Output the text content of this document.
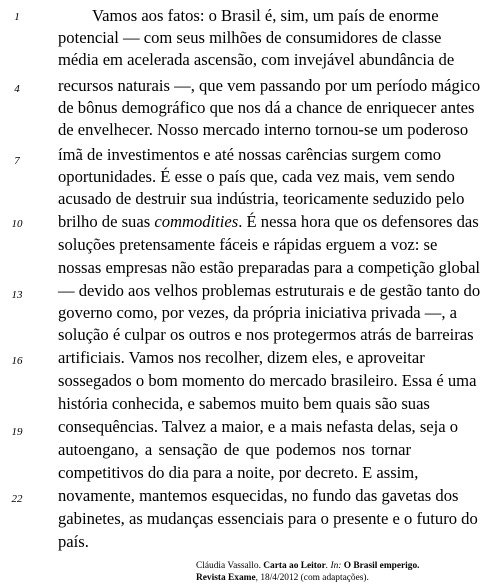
1
4
7
10
13
16
19
22
Vamos aos fatos: o Brasil é, sim, um país de enorme
potencial — com seus milhões de consumidores de classe
média em acelerada ascensão, com invejável abundância de
recursos naturais —, que vem passando por um período mágico
de bônus demográfico que nos dá a chance de enriquecer antes
de envelhecer. Nosso mercado interno tornou-se um poderoso
ímã de investimentos e até nossas carências surgem como
oportunidades. É esse o país que, cada vez mais, vem sendo
acusado de destruir sua indústria, teoricamente seduzido pelo
brilho de suas commodities. É nessa hora que os defensores das
soluções pretensamente fáceis e rápidas erguem a voz: se
nossas empresas não estão preparadas para a competição global
— devido aos velhos problemas estruturais e de gestão tanto do
governo como, por vezes, da própria iniciativa privada —, a
solução é culpar os outros e nos protegermos atrás de barreiras
artificiais. Vamos nos recolher, dizem eles, e aproveitar
sossegados o bom momento do mercado brasileiro. Essa é uma
história conhecida, e sabemos muito bem quais são suas
consequências. Talvez a maior, e a mais nefasta delas, seja o
autoengano, a sensação de que podemos nos tornar
competitivos do dia para a noite, por decreto. E assim,
novamente, mantemos esquecidas, no fundo das gavetas dos
gabinetes, as mudanças essenciais para o presente e o futuro do
país.
Cláudia Vassallo. Carta ao Leitor. In: O Brasil emperigo.
Revista Exame, 18/4/2012 (com adaptações).
